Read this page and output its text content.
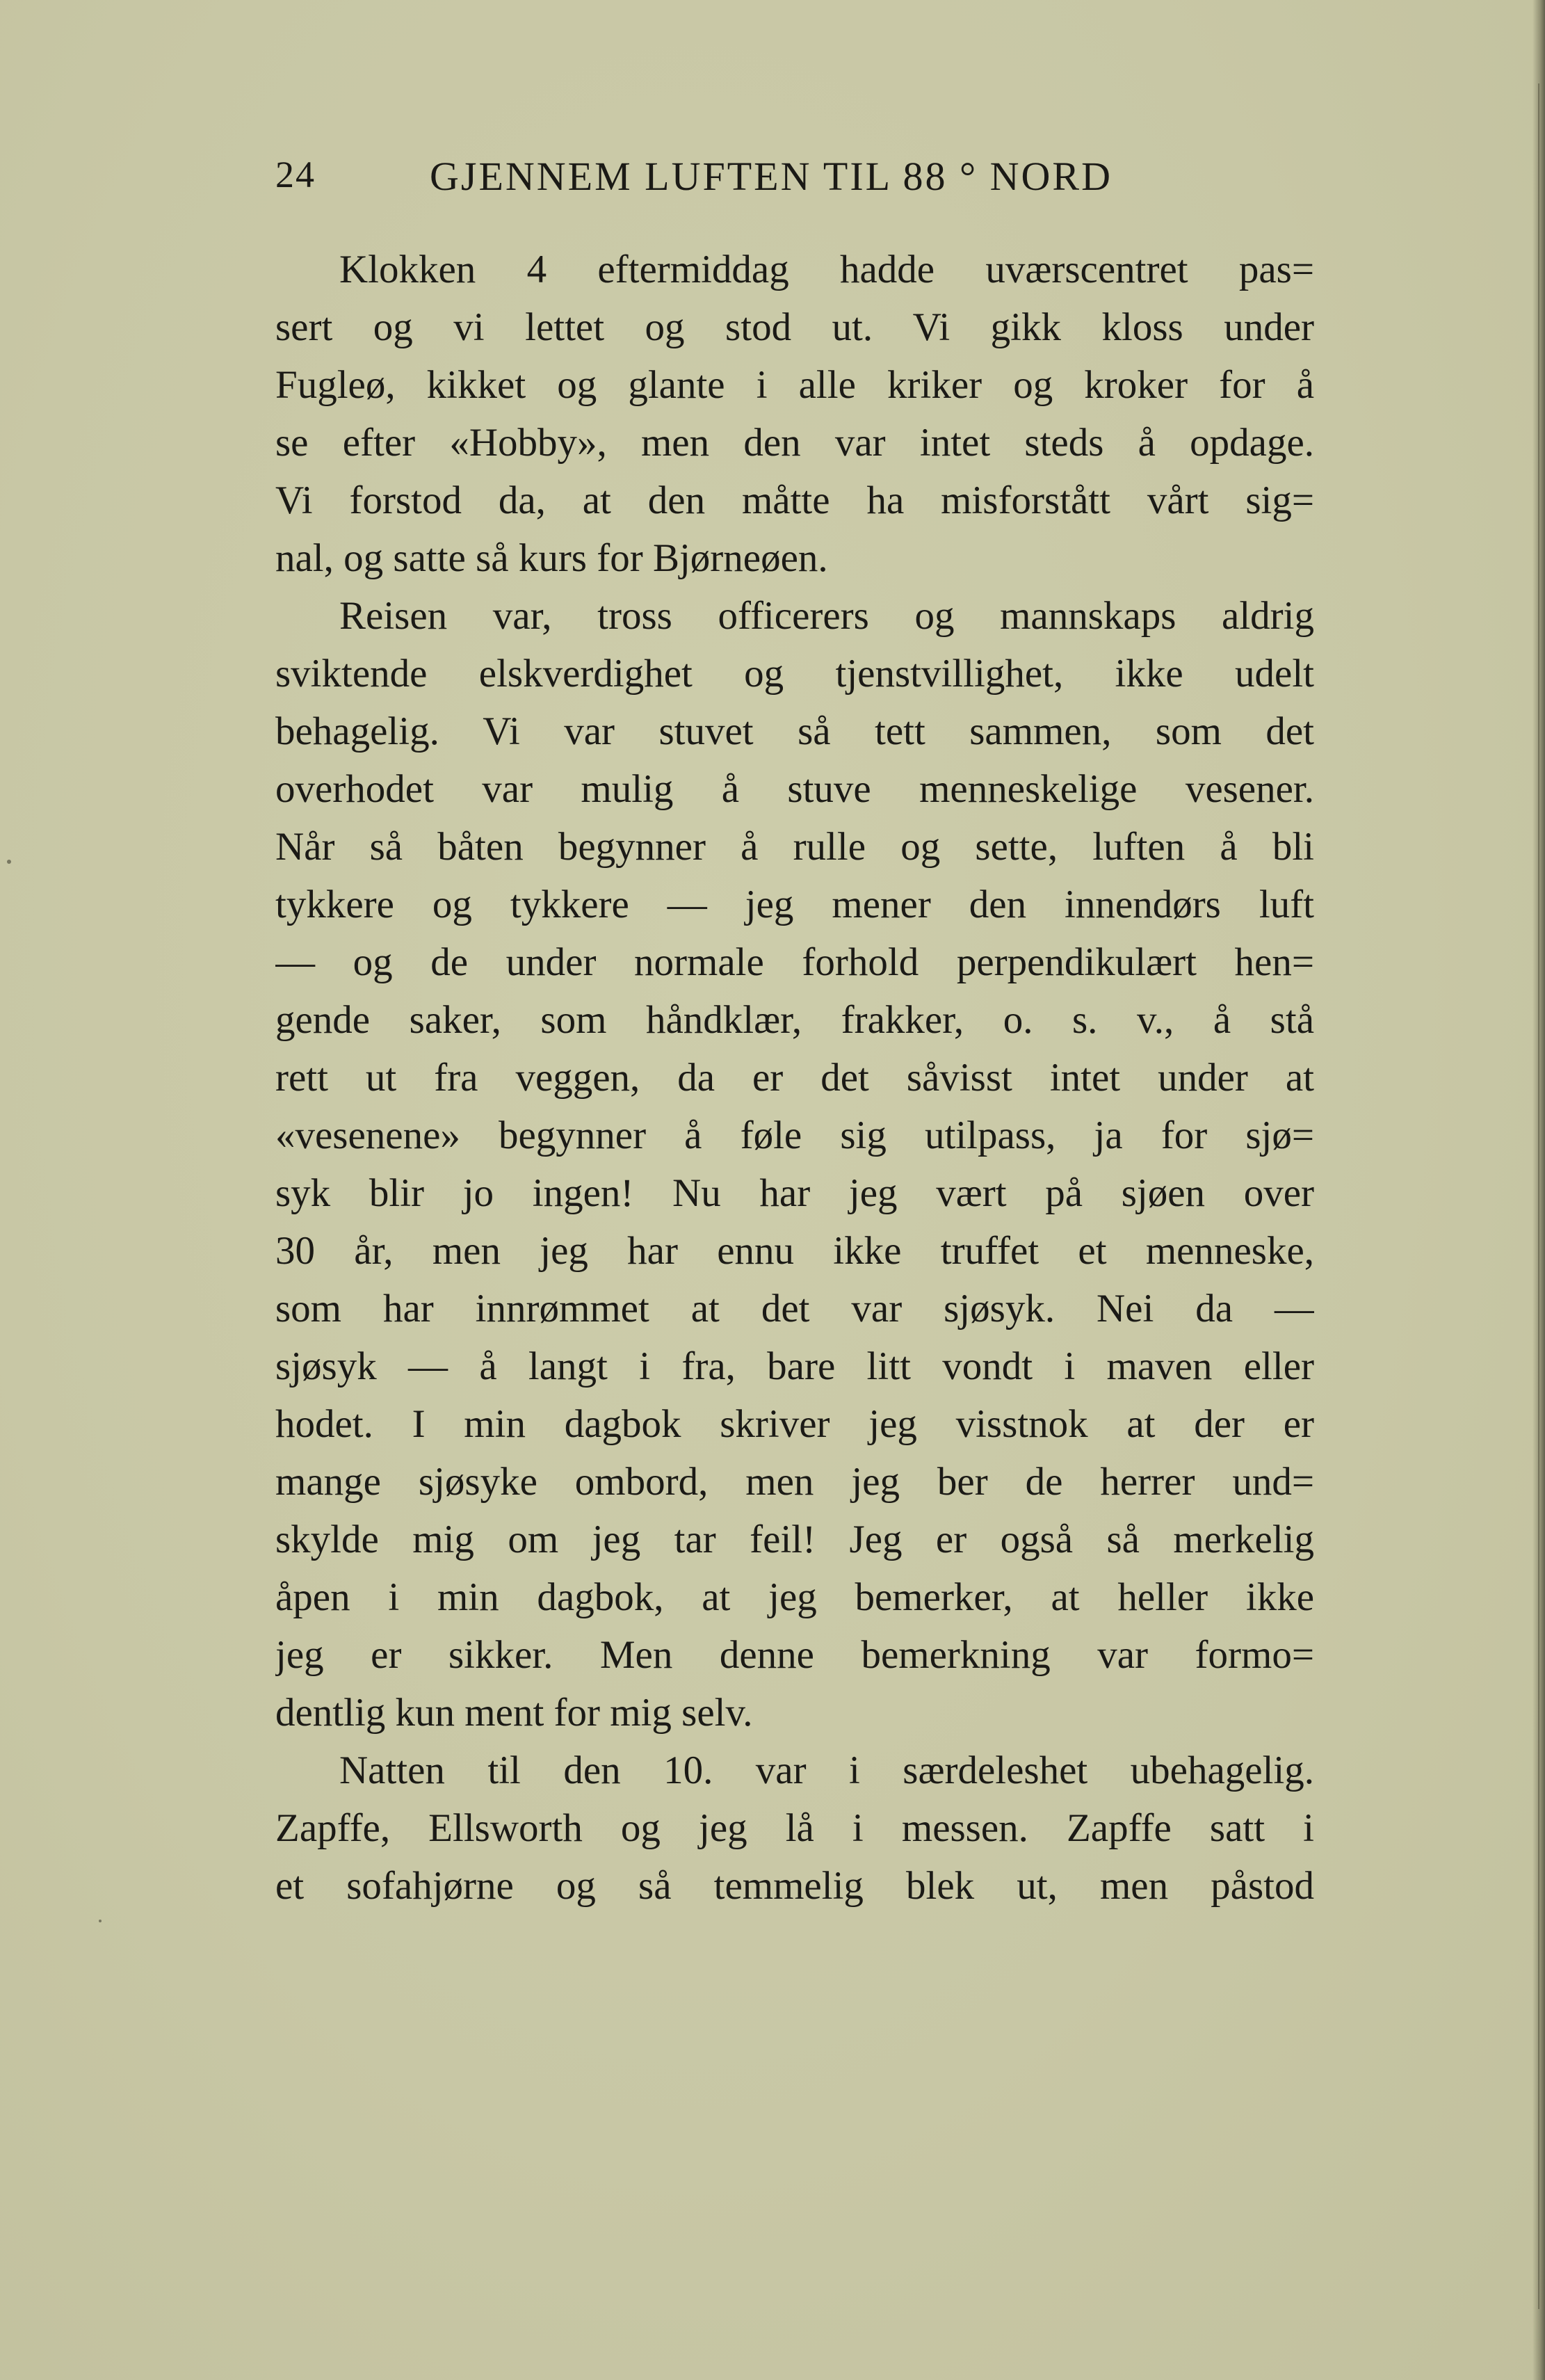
24	GJENNEM LUFTEN TIL 88 ° NORD
Klokken 4 eftermiddag hadde uværscentret pas=
sert og vi lettet og stod ut. Vi gikk kloss under
Fugleø, kikket og glante i alle kriker og kroker for å
se efter «Hobby», men den var intet steds å opdage.
Vi forstod da, at den måtte ha misforstått vårt sig=
nal, og satte så kurs for Bjørneøen.
Reisen var, tross officerers og mannskaps aldrig
sviktende elskverdighet og tjenstvillighet, ikke udelt
behagelig. Vi var stuvet så tett sammen, som det
overhodet var mulig å stuve menneskelige vesener.
Når så båten begynner å rulle og sette, luften å bli
tykkere og tykkere — jeg mener den innendørs luft
— og de under normale forhold perpendikulært hen=
gende saker, som håndklær, frakker, o. s. v., å stå
rett ut fra veggen, da er det såvisst intet under at
«vesenene» begynner å føle sig utilpass, ja for sjø=
syk blir jo ingen! Nu har jeg vært på sjøen over
30 år, men jeg har ennu ikke truffet et menneske,
som har innrømmet at det var sjøsyk. Nei da —
sjøsyk — å langt i fra, bare litt vondt i maven eller
hodet. I min dagbok skriver jeg visstnok at der er
mange sjøsyke ombord, men jeg ber de herrer und=
skylde mig om jeg tar feil! Jeg er også så merkelig
åpen i min dagbok, at jeg bemerker, at heller ikke
jeg er sikker. Men denne bemerkning var formo=
dentlig kun ment for mig selv.
Natten til den 10. var i særdeleshet ubehagelig.
Zapffe, Ellsworth og jeg lå i messen. Zapffe satt i
et sofahjørne og så temmelig blek ut, men påstod
